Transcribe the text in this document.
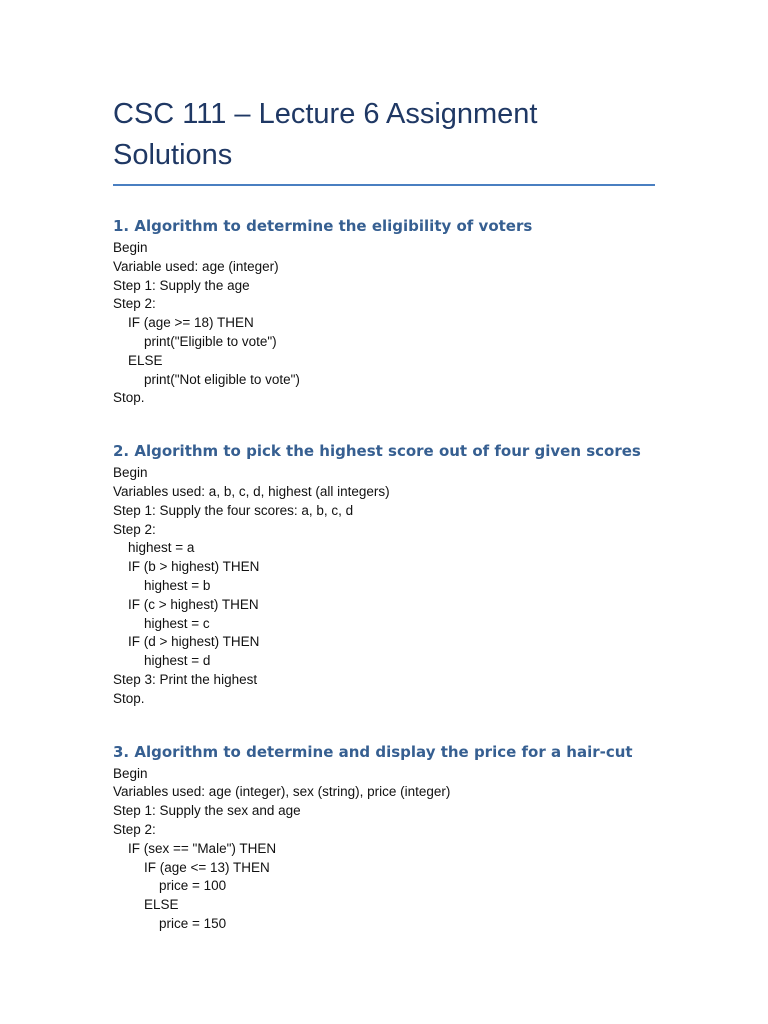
CSC 111 – Lecture 6 Assignment
Solutions
1. Algorithm to determine the eligibility of voters
Begin
Variable used: age (integer)
Step 1: Supply the age
Step 2:
IF (age >= 18) THEN
print("Eligible to vote")
ELSE
print("Not eligible to vote")
Stop.
2. Algorithm to pick the highest score out of four given scores
Begin
Variables used: a, b, c, d, highest (all integers)
Step 1: Supply the four scores: a, b, c, d
Step 2:
highest = a
IF (b > highest) THEN
highest = b
IF (c > highest) THEN
highest = c
IF (d > highest) THEN
highest = d
Step 3: Print the highest
Stop.
3. Algorithm to determine and display the price for a hair-cut
Begin
Variables used: age (integer), sex (string), price (integer)
Step 1: Supply the sex and age
Step 2:
IF (sex == "Male") THEN
IF (age <= 13) THEN
price = 100
ELSE
price = 150
